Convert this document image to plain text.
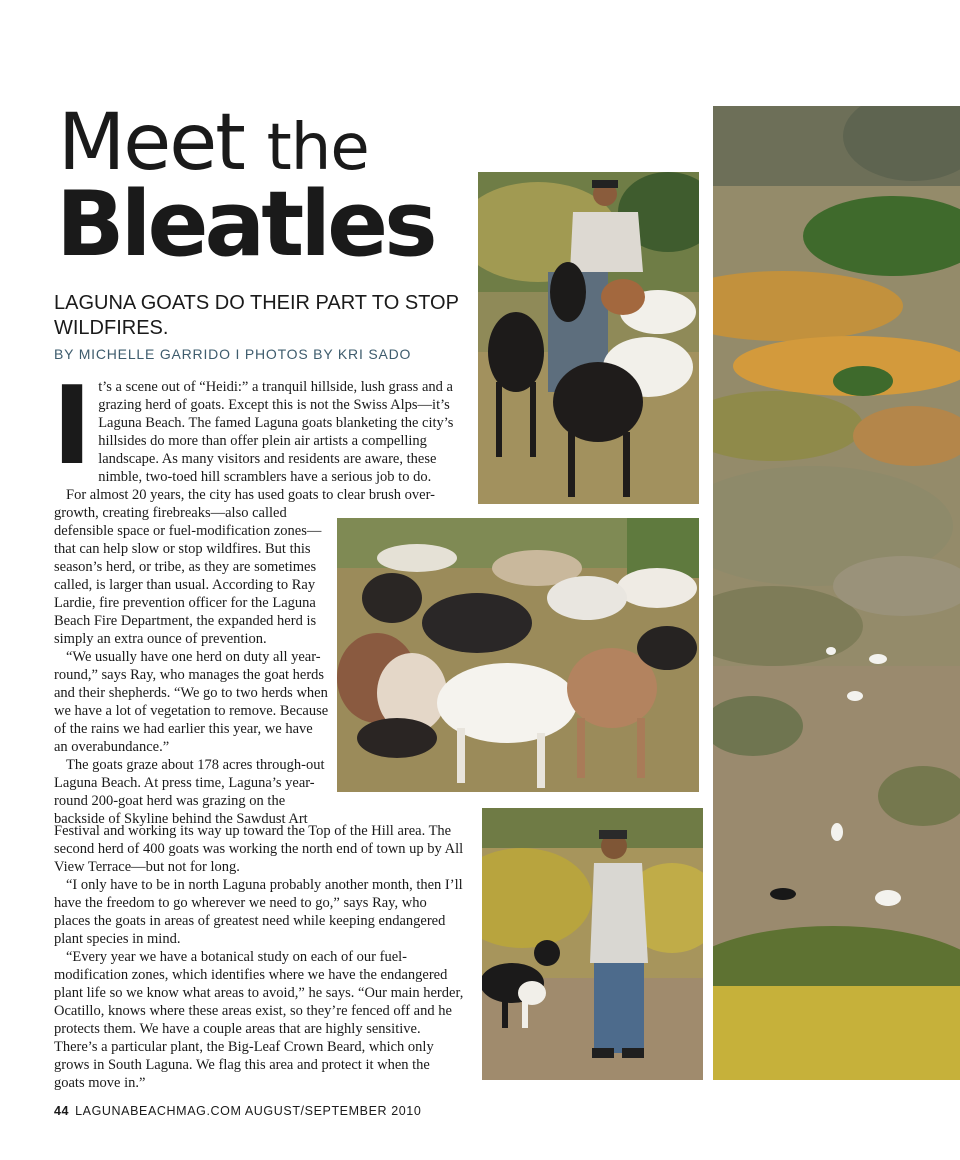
Meet the
Bleatles
LAGUNA GOATS DO THEIR PART TO STOP WILDFIRES.
BY MICHELLE GARRIDO I PHOTOS BY KRI SADO
I t’s a scene out of “Heidi:” a tranquil hillside, lush grass and a grazing herd of goats. Except this is not the Swiss Alps—it’s Laguna Beach. The famed Laguna goats blanketing the city’s hillsides do more than offer plein air artists a compelling landscape. As many visitors and residents are aware, these nimble, two-toed hill scramblers have a serious job to do.

For almost 20 years, the city has used goats to clear brush over-

growth, creating firebreaks—also called defensible space or fuel-modification zones—that can help slow or stop wildfires. But this season’s herd, or tribe, as they are sometimes called, is larger than usual. According to Ray Lardie, fire prevention officer for the Laguna Beach Fire Department, the expanded herd is simply an extra ounce of prevention.

“We usually have one herd on duty all year-round,” says Ray, who manages the goat herds and their shepherds. “We go to two herds when we have a lot of vegetation to remove. Because of the rains we had earlier this year, we have an overabundance.”

The goats graze about 178 acres through-out Laguna Beach. At press time, Laguna’s year-round 200-goat herd was grazing on the backside of Skyline behind the Sawdust Art

Festival and working its way up toward the Top of the Hill area. The second herd of 400 goats was working the north end of town up by All View Terrace—but not for long.

“I only have to be in north Laguna probably another month, then I’ll have the freedom to go wherever we need to go,” says Ray, who places the goats in areas of greatest need while keeping endangered plant species in mind.

“Every year we have a botanical study on each of our fuel-modification zones, which identifies where we have the endangered plant life so we know what areas to avoid,” he says. “Our main herder, Ocatillo, knows where these areas exist, so they’re fenced off and he protects them. We have a couple areas that are highly sensitive. There’s a particular plant, the Big-Leaf Crown Beard, which only grows in South Laguna. We flag this area and protect it when the goats move in.”

44 LAGUNABEACHMAG.COM AUGUST/SEPTEMBER 2010
